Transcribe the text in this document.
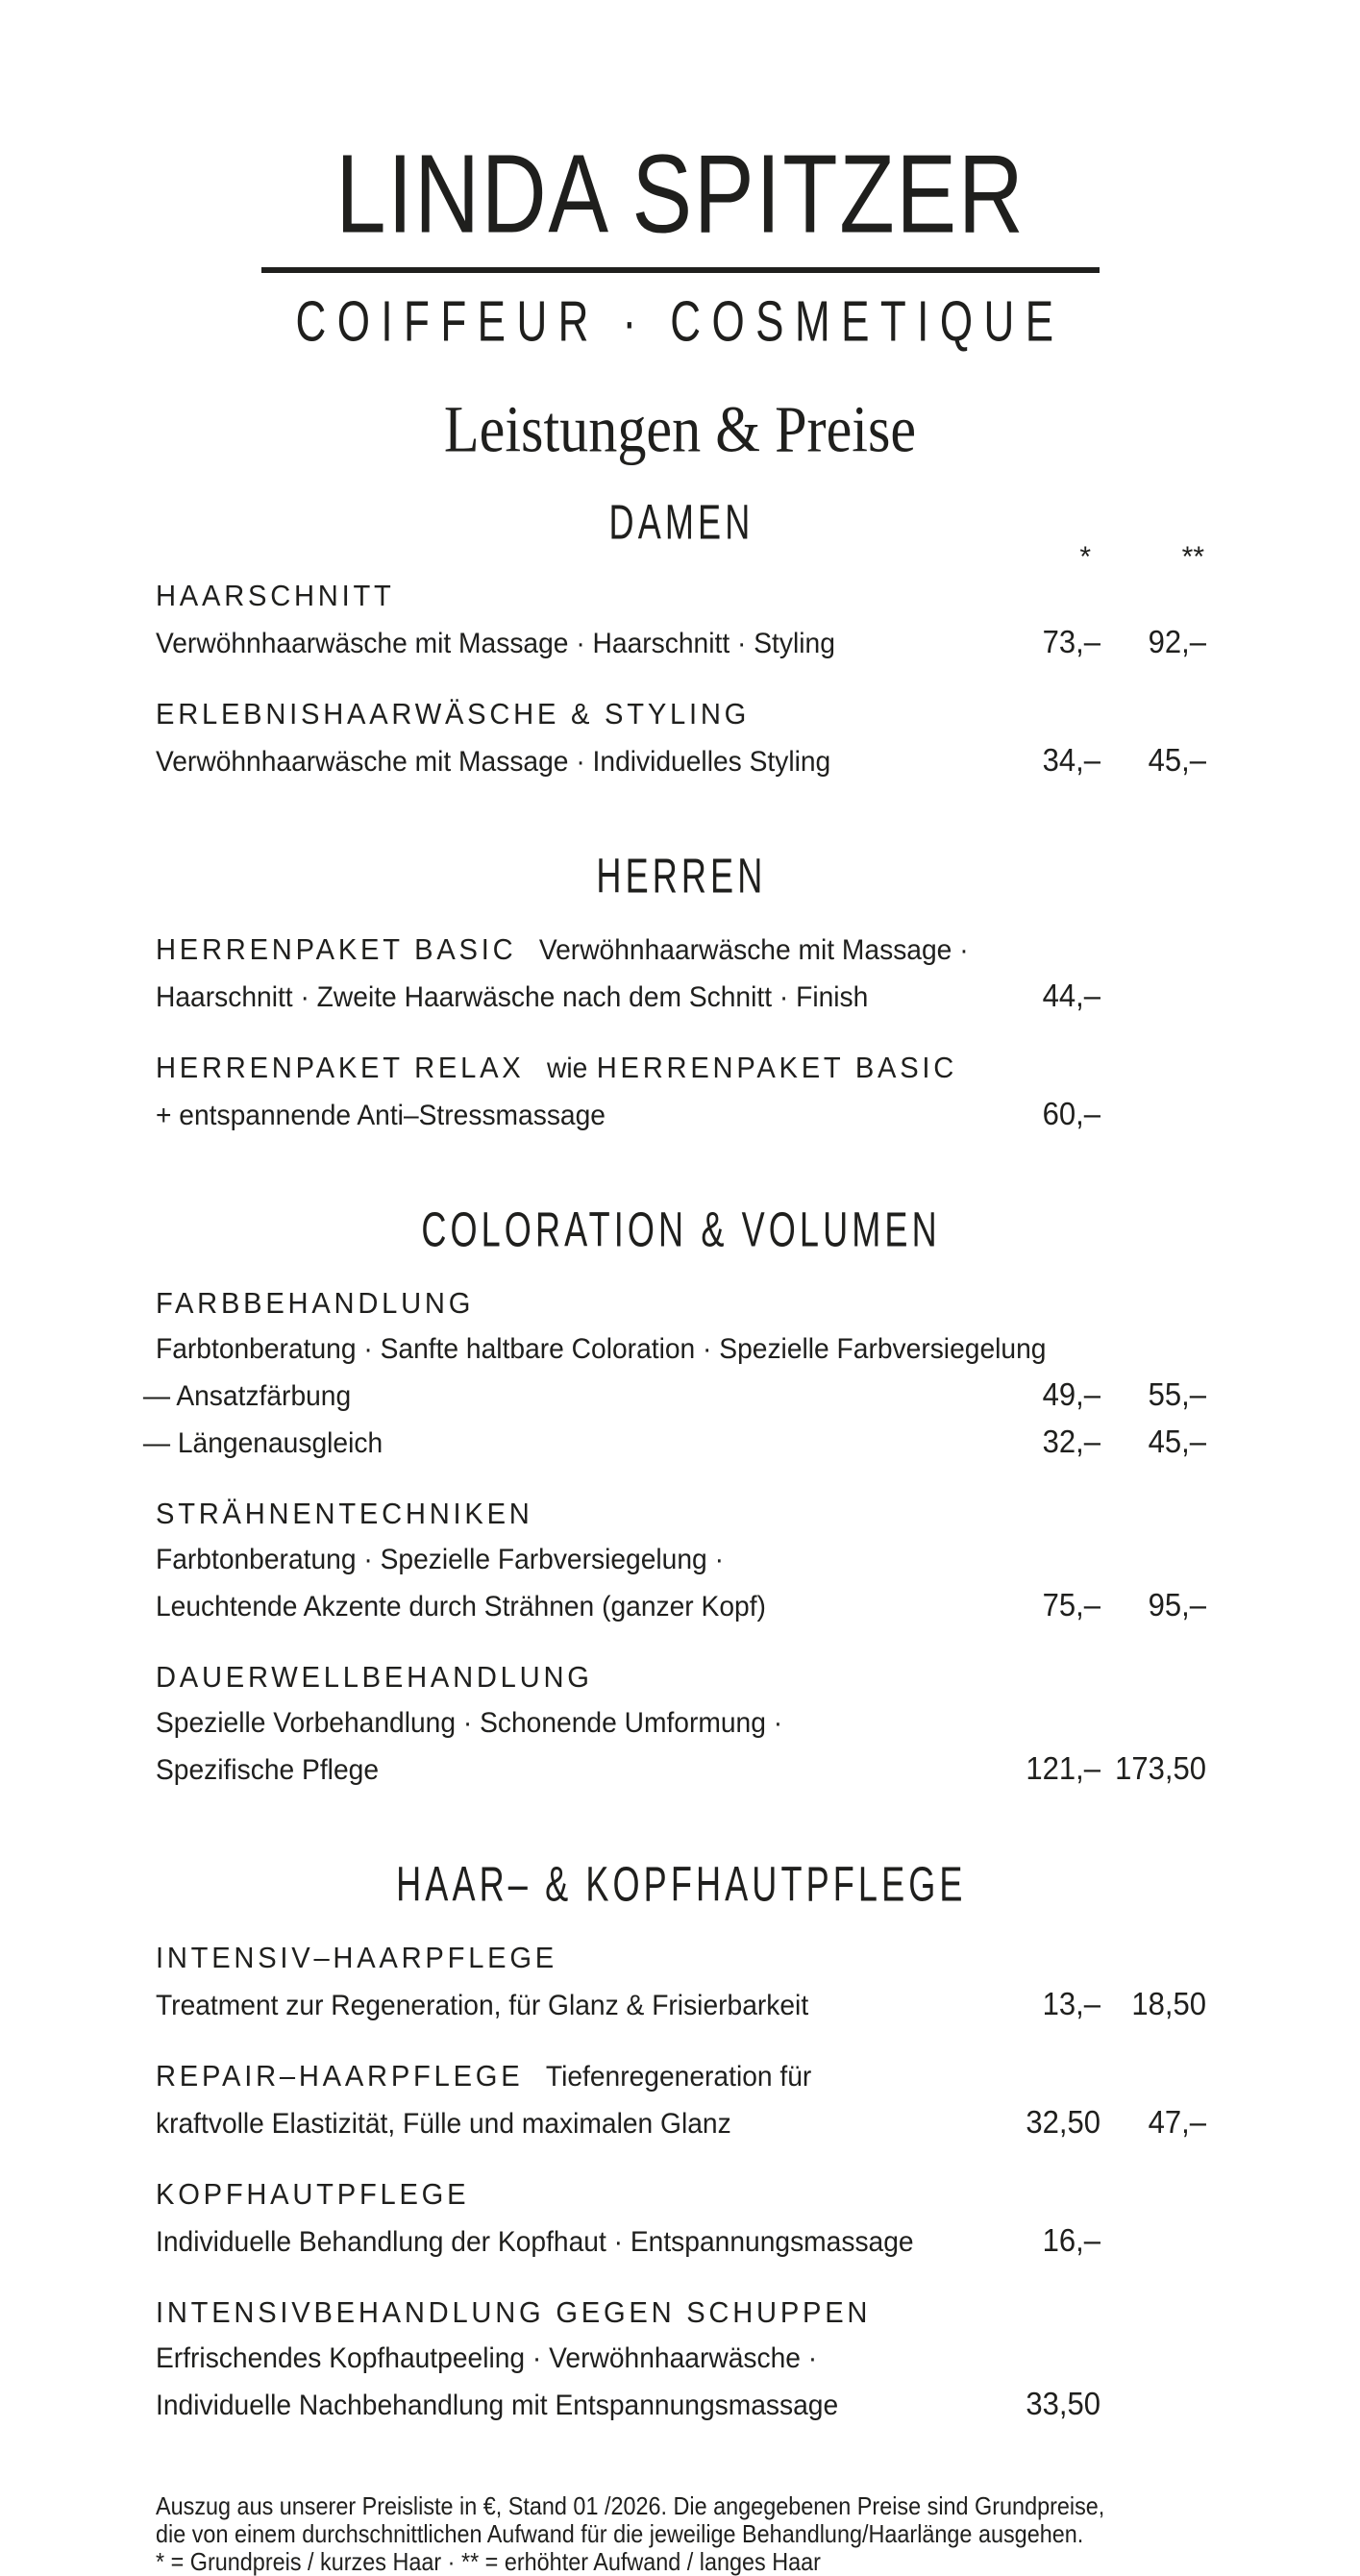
LINDA SPITZER
COIFFEUR · COSMETIQUE
Leistungen & Preise
DAMEN
*	**
HAARSCHNITT
Verwöhnhaarwäsche mit Massage · Haarschnitt · Styling	73,–	92,–
ERLEBNISHAARWÄSCHE & STYLING
Verwöhnhaarwäsche mit Massage · Individuelles Styling	34,–	45,–
HERREN
HERRENPAKET BASIC Verwöhnhaarwäsche mit Massage ·
Haarschnitt · Zweite Haarwäsche nach dem Schnitt · Finish	44,–
HERRENPAKET RELAX wie HERRENPAKET BASIC
+ entspannende Anti–Stressmassage	60,–
COLORATION & VOLUMEN
FARBBEHANDLUNG
Farbtonberatung · Sanfte haltbare Coloration · Spezielle Farbversiegelung
— Ansatzfärbung	49,–	55,–
— Längenausgleich	32,–	45,–
STRÄHNENTECHNIKEN
Farbtonberatung · Spezielle Farbversiegelung ·
Leuchtende Akzente durch Strähnen (ganzer Kopf)	75,–	95,–
DAUERWELLBEHANDLUNG
Spezielle Vorbehandlung · Schonende Umformung ·
Spezifische Pflege	121,– 173,50
HAAR– & KOPFHAUTPFLEGE
INTENSIV–HAARPFLEGE
Treatment zur Regeneration, für Glanz & Frisierbarkeit	13,– 18,50
REPAIR–HAARPFLEGE Tiefenregeneration für
kraftvolle Elastizität, Fülle und maximalen Glanz	32,50	47,–
KOPFHAUTPFLEGE
Individuelle Behandlung der Kopfhaut · Entspannungsmassage	16,–
INTENSIVBEHANDLUNG GEGEN SCHUPPEN
Erfrischendes Kopfhautpeeling · Verwöhnhaarwäsche ·
Individuelle Nachbehandlung mit Entspannungsmassage	33,50
Auszug aus unserer Preisliste in €, Stand 01 /2026. Die angegebenen Preise sind Grundpreise,
die von einem durchschnittlichen Aufwand für die jeweilige Behandlung/Haarlänge ausgehen.
* = Grundpreis / kurzes Haar · ** = erhöhter Aufwand / langes Haar
